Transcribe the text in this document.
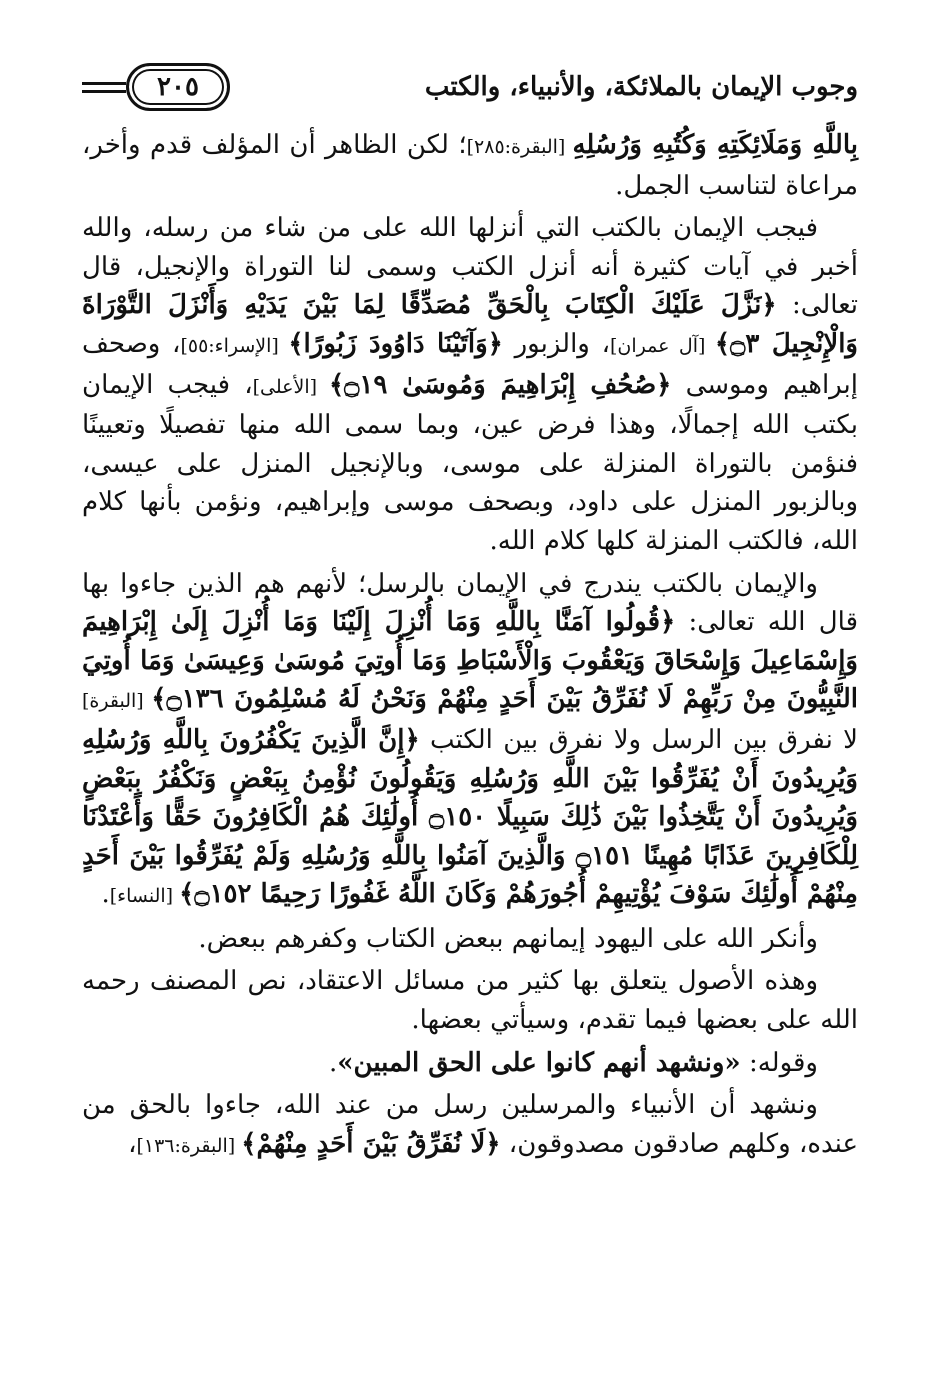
وجوب الإيمان بالملائكة، والأنبياء، والكتب
٢٠٥

بِاللَّهِ وَمَلَائِكَتِهِ وَكُتُبِهِ وَرُسُلِهِ [البقرة:٢٨٥]؛ لكن الظاهر أن المؤلف قدم وأخر، مراعاة لتناسب الجمل.

فيجب الإيمان بالكتب التي أنزلها الله على من شاء من رسله، والله أخبر في آيات كثيرة أنه أنزل الكتب وسمى لنا التوراة والإنجيل، قال تعالى: ﴿نَزَّلَ عَلَيْكَ الْكِتَابَ بِالْحَقِّ مُصَدِّقًا لِمَا بَيْنَ يَدَيْهِ وَأَنْزَلَ التَّوْرَاةَ وَالْإِنْجِيلَ ۝٣﴾ [آل عمران]، والزبور ﴿وَآتَيْنَا دَاوُودَ زَبُورًا﴾ [الإسراء:٥٥]، وصحف إبراهيم وموسى ﴿صُحُفِ إِبْرَاهِيمَ وَمُوسَىٰ ۝١٩﴾ [الأعلى]، فيجب الإيمان بكتب الله إجمالًا، وهذا فرض عين، وبما سمى الله منها تفصيلًا وتعيينًا فنؤمن بالتوراة المنزلة على موسى، وبالإنجيل المنزل على عيسى، وبالزبور المنزل على داود، وبصحف موسى وإبراهيم، ونؤمن بأنها كلام الله، فالكتب المنزلة كلها كلام الله.

والإيمان بالكتب يندرج في الإيمان بالرسل؛ لأنهم هم الذين جاءوا بها قال الله تعالى: ﴿قُولُوا آمَنَّا بِاللَّهِ وَمَا أُنْزِلَ إِلَيْنَا وَمَا أُنْزِلَ إِلَىٰ إِبْرَاهِيمَ وَإِسْمَاعِيلَ وَإِسْحَاقَ وَيَعْقُوبَ وَالْأَسْبَاطِ وَمَا أُوتِيَ مُوسَىٰ وَعِيسَىٰ وَمَا أُوتِيَ النَّبِيُّونَ مِنْ رَبِّهِمْ لَا نُفَرِّقُ بَيْنَ أَحَدٍ مِنْهُمْ وَنَحْنُ لَهُ مُسْلِمُونَ ۝١٣٦﴾ [البقرة] لا نفرق بين الرسل ولا نفرق بين الكتب ﴿إِنَّ الَّذِينَ يَكْفُرُونَ بِاللَّهِ وَرُسُلِهِ وَيُرِيدُونَ أَنْ يُفَرِّقُوا بَيْنَ اللَّهِ وَرُسُلِهِ وَيَقُولُونَ نُؤْمِنُ بِبَعْضٍ وَنَكْفُرُ بِبَعْضٍ وَيُرِيدُونَ أَنْ يَتَّخِذُوا بَيْنَ ذَٰلِكَ سَبِيلًا ۝١٥٠ أُولَٰئِكَ هُمُ الْكَافِرُونَ حَقًّا وَأَعْتَدْنَا لِلْكَافِرِينَ عَذَابًا مُهِينًا ۝١٥١ وَالَّذِينَ آمَنُوا بِاللَّهِ وَرُسُلِهِ وَلَمْ يُفَرِّقُوا بَيْنَ أَحَدٍ مِنْهُمْ أُولَٰئِكَ سَوْفَ يُؤْتِيهِمْ أُجُورَهُمْ وَكَانَ اللَّهُ غَفُورًا رَحِيمًا ۝١٥٢﴾ [النساء].

وأنكر الله على اليهود إيمانهم ببعض الكتاب وكفرهم ببعض.

وهذه الأصول يتعلق بها كثير من مسائل الاعتقاد، نص المصنف رحمه الله على بعضها فيما تقدم، وسيأتي بعضها.

وقوله: «ونشهد أنهم كانوا على الحق المبين».

ونشهد أن الأنبياء والمرسلين رسل من عند الله، جاءوا بالحق من عنده، وكلهم صادقون مصدوقون، ﴿لَا نُفَرِّقُ بَيْنَ أَحَدٍ مِنْهُمْ﴾ [البقرة:١٣٦]،
